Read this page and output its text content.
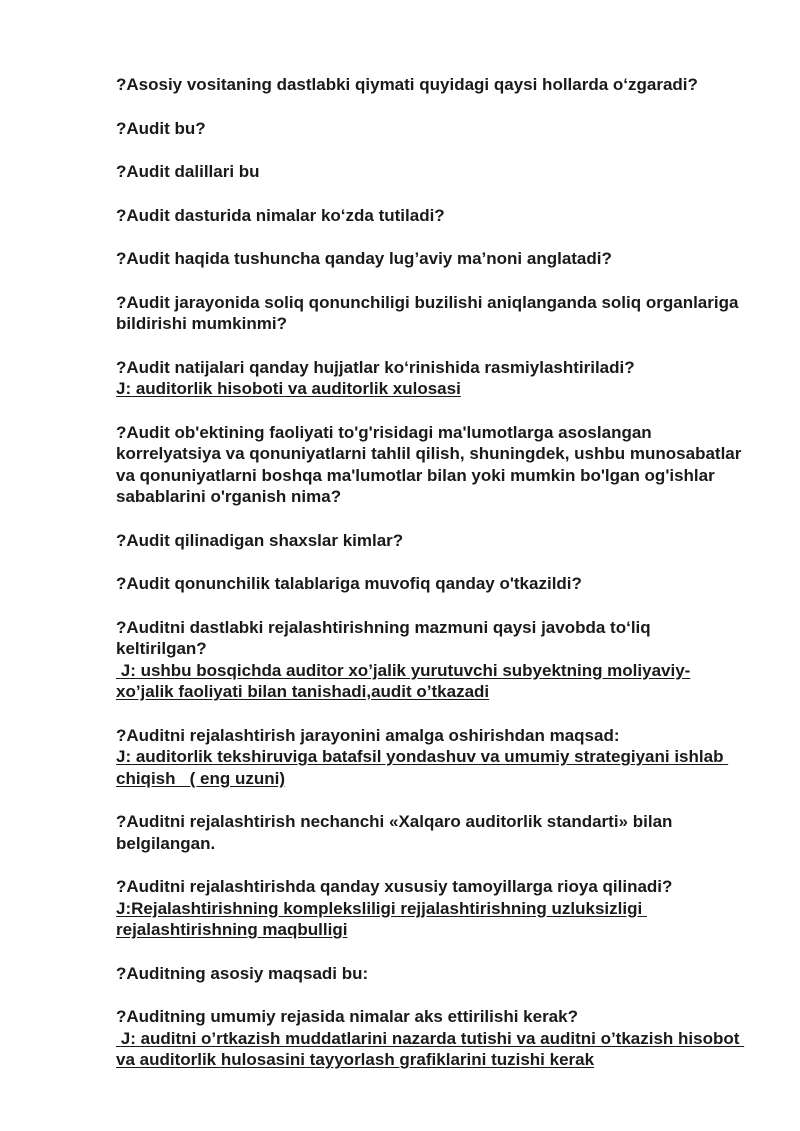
?Asosiy vositaning dastlabki qiymati quyidagi qaysi hollarda o‘zgaradi?
?Audit bu?
?Audit dalillari bu
?Audit dasturida nimalar ko‘zda tutiladi?
?Audit haqida tushuncha qanday lug’aviy ma’noni anglatadi?
?Audit jarayonida soliq qonunchiligi buzilishi aniqlanganda soliq organlariga bildirishi mumkinmi?
?Audit natijalari qanday hujjatlar ko‘rinishida rasmiylashtiriladi?
J: auditorlik hisoboti va auditorlik xulosasi
?Audit ob'ektining faoliyati to'g'risidagi ma'lumotlarga asoslangan korrelyatsiya va qonuniyatlarni tahlil qilish, shuningdek, ushbu munosabatlar va qonuniyatlarni boshqa ma'lumotlar bilan yoki mumkin bo'lgan og'ishlar sabablarini o'rganish nima?
?Audit qilinadigan shaxslar kimlar?
?Audit qonunchilik talablariga muvofiq qanday o'tkazildi?
?Auditni dastlabki rejalashtirishning mazmuni qaysi javobda to‘liq keltirilgan?
J: ushbu bosqichda auditor xo’jalik yurutuvchi subyektning moliyaviy-xo’jalik faoliyati bilan tanishadi,audit o’tkazadi
?Auditni rejalashtirish jarayonini amalga oshirishdan maqsad:
J: auditorlik tekshiruviga batafsil yondashuv va umumiy strategiyani ishlab chiqish   ( eng uzuni)
?Auditni rejalashtirish nechanchi «Xalqaro auditorlik standarti» bilan belgilangan.
?Auditni rejalashtirishda qanday xususiy tamoyillarga rioya qilinadi?
J:Rejalashtirishning kompleksliligi rejjalashtirishning uzluksizligi rejalashtirishning maqbulligi
?Auditning asosiy maqsadi bu:
?Auditning umumiy rejasida nimalar aks ettirilishi kerak?
J: auditni o’rtkazish muddatlarini nazarda tutishi va auditni o’tkazish hisobot va auditorlik hulosasini tayyorlash grafiklarini tuzishi kerak
